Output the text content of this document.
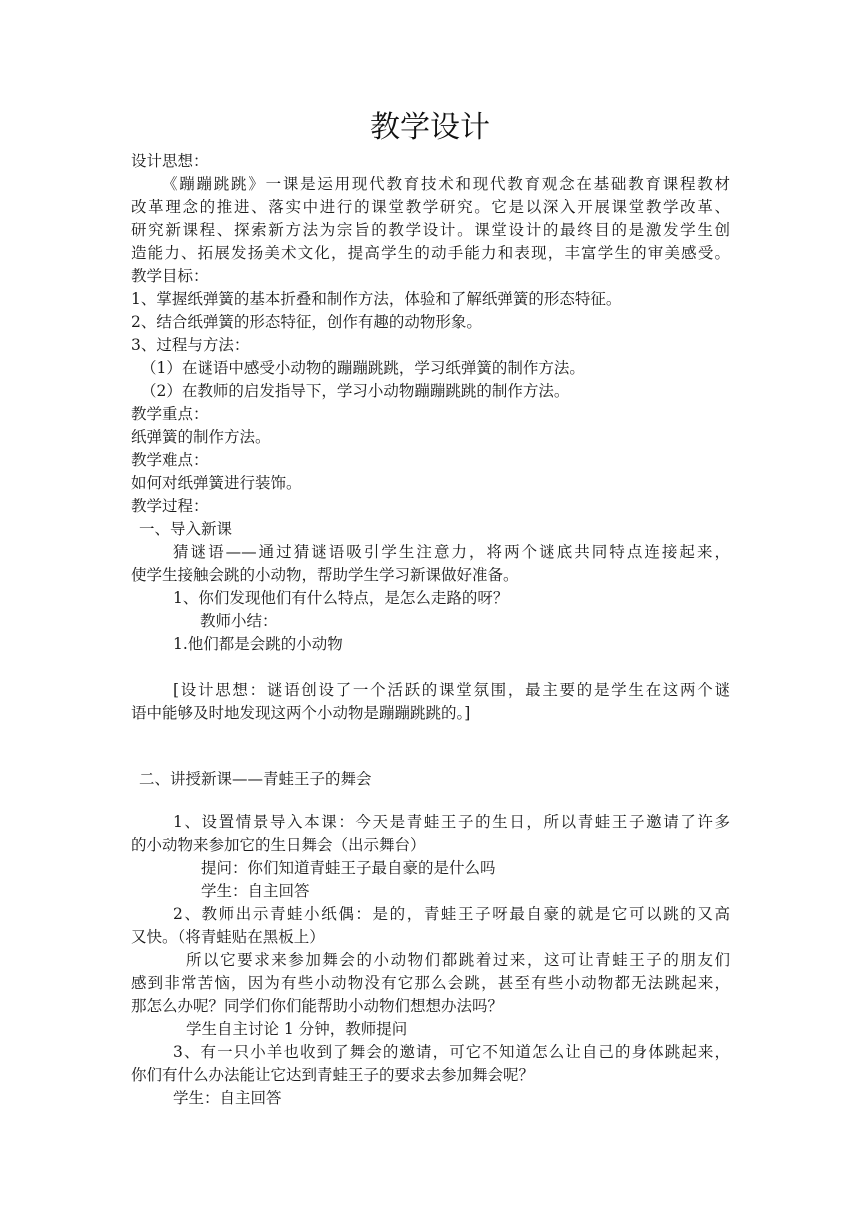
教学设计
设计思想：
《蹦蹦跳跳》一课是运用现代教育技术和现代教育观念在基础教育课程教材
改革理念的推进、落实中进行的课堂教学研究。它是以深入开展课堂教学改革、
研究新课程、探索新方法为宗旨的教学设计。课堂设计的最终目的是激发学生创
造能力、拓展发扬美术文化，提高学生的动手能力和表现，丰富学生的审美感受。
教学目标：
1、掌握纸弹簧的基本折叠和制作方法，体验和了解纸弹簧的形态特征。
2、结合纸弹簧的形态特征，创作有趣的动物形象。
3、过程与方法：
（1）在谜语中感受小动物的蹦蹦跳跳，学习纸弹簧的制作方法。
（2）在教师的启发指导下，学习小动物蹦蹦跳跳的制作方法。
教学重点：
纸弹簧的制作方法。
教学难点：
如何对纸弹簧进行装饰。
教学过程：
一、导入新课
猜谜语——通过猜谜语吸引学生注意力，将两个谜底共同特点连接起来，
使学生接触会跳的小动物，帮助学生学习新课做好准备。
1、你们发现他们有什么特点，是怎么走路的呀？
教师小结：
1.他们都是会跳的小动物
[设计思想：谜语创设了一个活跃的课堂氛围，最主要的是学生在这两个谜
语中能够及时地发现这两个小动物是蹦蹦跳跳的。]
二、讲授新课——青蛙王子的舞会
1、设置情景导入本课：今天是青蛙王子的生日，所以青蛙王子邀请了许多
的小动物来参加它的生日舞会（出示舞台）
提问：你们知道青蛙王子最自豪的是什么吗
学生：自主回答
2、教师出示青蛙小纸偶：是的，青蛙王子呀最自豪的就是它可以跳的又高
又快。（将青蛙贴在黑板上）
所以它要求来参加舞会的小动物们都跳着过来，这可让青蛙王子的朋友们
感到非常苦恼，因为有些小动物没有它那么会跳，甚至有些小动物都无法跳起来，
那怎么办呢？同学们你们能帮助小动物们想想办法吗？
学生自主讨论 1 分钟，教师提问
3、有一只小羊也收到了舞会的邀请，可它不知道怎么让自己的身体跳起来，
你们有什么办法能让它达到青蛙王子的要求去参加舞会呢？
学生：自主回答
